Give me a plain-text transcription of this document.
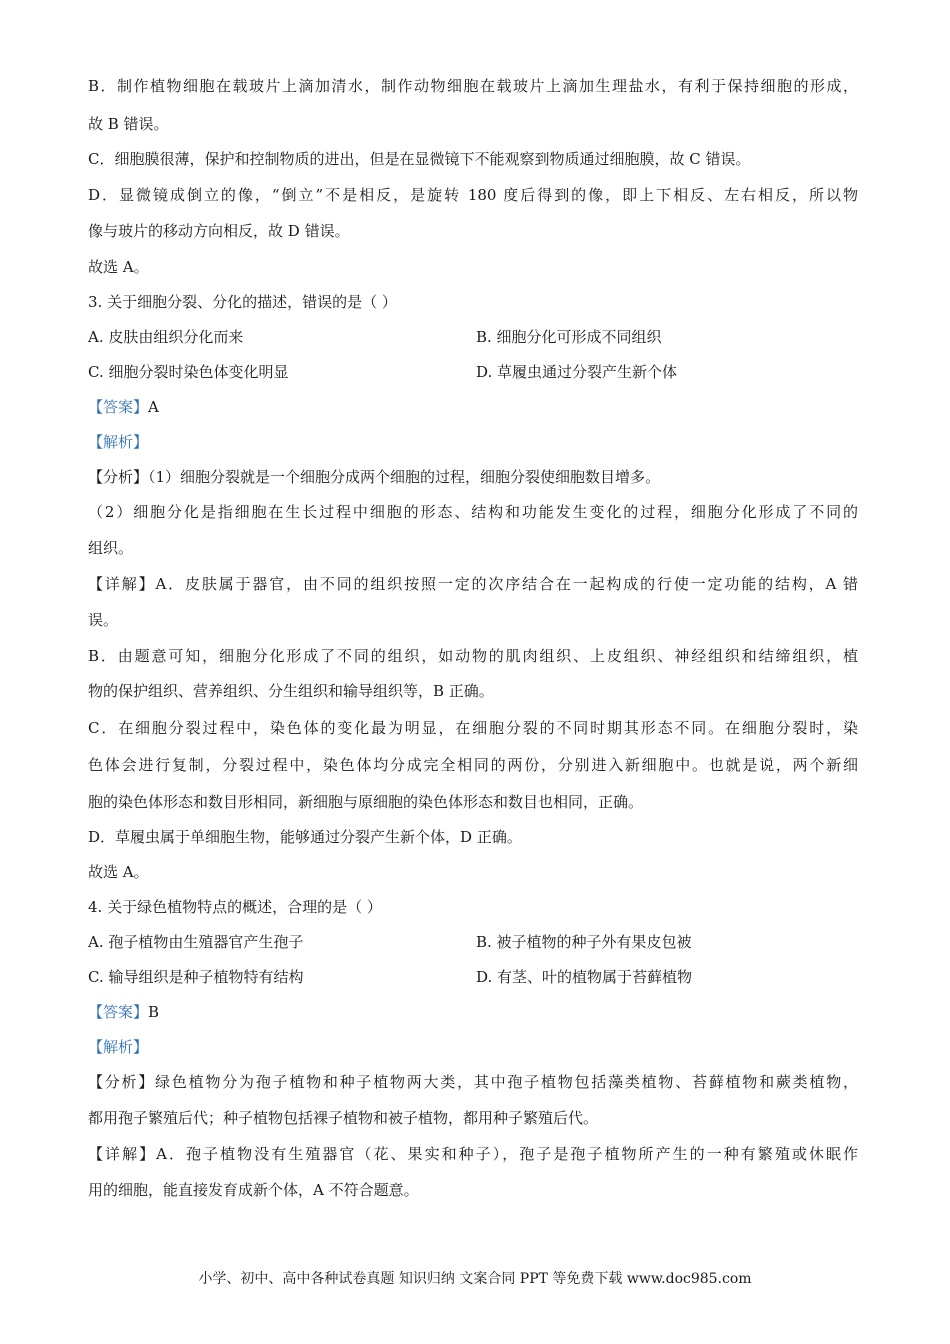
B．制作植物细胞在载玻片上滴加清水，制作动物细胞在载玻片上滴加生理盐水，有利于保持细胞的形成，
故 B 错误。
C．细胞膜很薄，保护和控制物质的进出，但是在显微镜下不能观察到物质通过细胞膜，故 C 错误。
D．显微镜成倒立的像，“倒立”不是相反，是旋转 180 度后得到的像，即上下相反、左右相反，所以物
像与玻片的移动方向相反，故 D 错误。
故选 A。
3. 关于细胞分裂、分化的描述，错误的是（ ）
A. 皮肤由组织分化而来	B. 细胞分化可形成不同组织
C. 细胞分裂时染色体变化明显	D. 草履虫通过分裂产生新个体
【答案】A
【解析】
【分析】（1）细胞分裂就是一个细胞分成两个细胞的过程，细胞分裂使细胞数目增多。
（2）细胞分化是指细胞在生长过程中细胞的形态、结构和功能发生变化的过程，细胞分化形成了不同的
组织。
【详解】A．皮肤属于器官，由不同的组织按照一定的次序结合在一起构成的行使一定功能的结构，A 错
误。
B．由题意可知，细胞分化形成了不同的组织，如动物的肌肉组织、上皮组织、神经组织和结缔组织，植
物的保护组织、营养组织、分生组织和输导组织等，B 正确。
C．在细胞分裂过程中，染色体的变化最为明显，在细胞分裂的不同时期其形态不同。在细胞分裂时，染
色体会进行复制，分裂过程中，染色体均分成完全相同的两份，分别进入新细胞中。也就是说，两个新细
胞的染色体形态和数目形相同，新细胞与原细胞的染色体形态和数目也相同，正确。
D．草履虫属于单细胞生物，能够通过分裂产生新个体，D 正确。
故选 A。
4. 关于绿色植物特点的概述，合理的是（ ）
A. 孢子植物由生殖器官产生孢子	B. 被子植物的种子外有果皮包被
C. 输导组织是种子植物特有结构	D. 有茎、叶的植物属于苔藓植物
【答案】B
【解析】
【分析】绿色植物分为孢子植物和种子植物两大类，其中孢子植物包括藻类植物、苔藓植物和蕨类植物，
都用孢子繁殖后代；种子植物包括裸子植物和被子植物，都用种子繁殖后代。
【详解】A．孢子植物没有生殖器官（花、果实和种子），孢子是孢子植物所产生的一种有繁殖或休眠作
用的细胞，能直接发育成新个体，A 不符合题意。
小学、初中、高中各种试卷真题 知识归纳 文案合同 PPT 等免费下载 www.doc985.com
